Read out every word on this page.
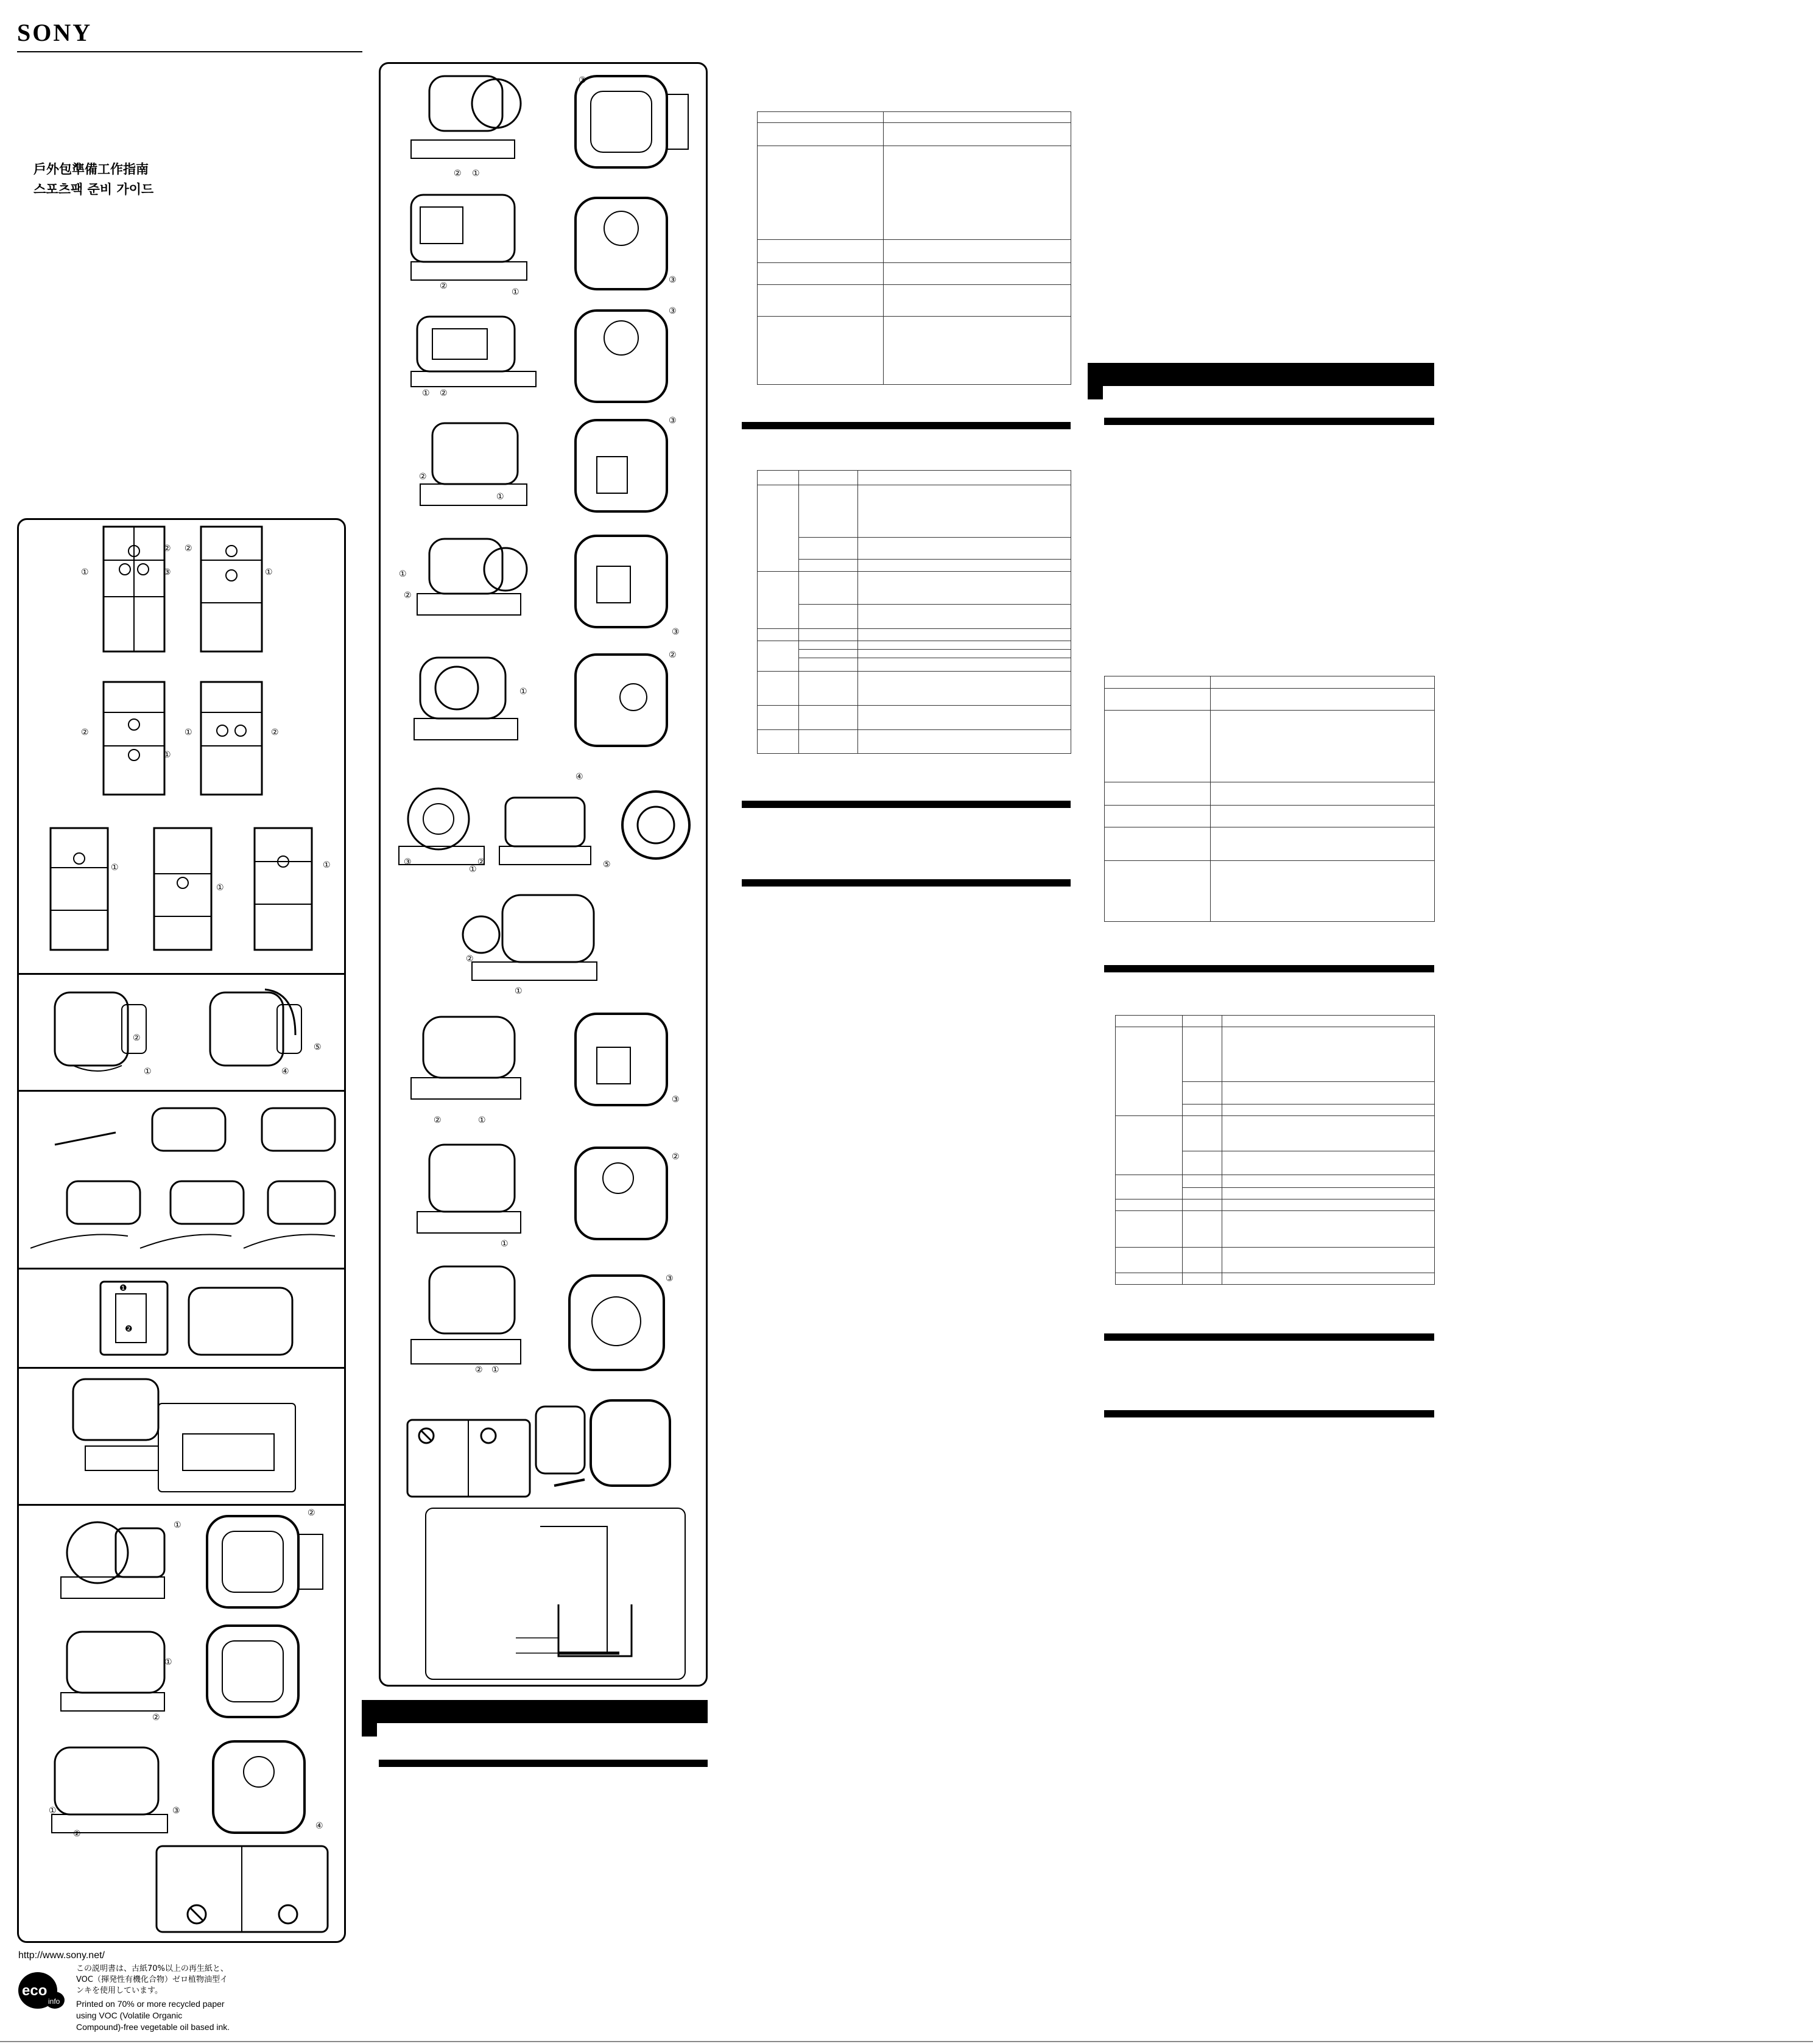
SONY
戶外包準備工作指南
스포츠팩 준비 가이드
①
②
③
②
①
②
①
①	②
①
①
①
②
①
⑤
④
❶
❷
①
②
①
②
①
②
③
④
② ①
③
②
①
③
① ②
③
②
①
③
①
②
③
①
②
③	②
①
④
⑤
②
①
②	①
③
①
②
② ①
③

http://www.sony.net/
eco
info
この説明書は、古紙70%以上の再生紙と、
VOC（揮発性有機化合物）ゼロ植物油型イ
ンキを使用しています。
Printed on 70% or more recycled paper
using VOC (Volatile Organic
Compound)-free vegetable oil based ink.
